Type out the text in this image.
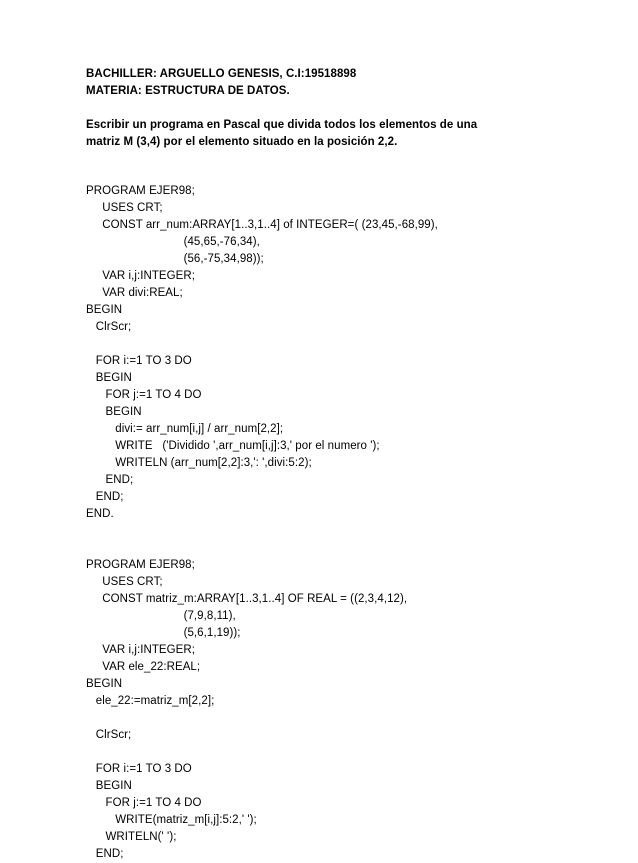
BACHILLER: ARGUELLO GENESIS, C.I:19518898
MATERIA: ESTRUCTURA DE DATOS.
Escribir un programa en Pascal que divida todos los elementos de una
matriz M (3,4) por el elemento situado en la posición 2,2.
PROGRAM EJER98;
USES CRT;
CONST arr_num:ARRAY[1..3,1..4] of INTEGER=( (23,45,-68,99),
(45,65,-76,34),
(56,-75,34,98));
VAR i,j:INTEGER;
VAR divi:REAL;
BEGIN
ClrScr;
FOR i:=1 TO 3 DO
BEGIN
FOR j:=1 TO 4 DO
BEGIN
divi:= arr_num[i,j] / arr_num[2,2];
WRITE   ('Dividido ',arr_num[i,j]:3,' por el numero ');
WRITELN (arr_num[2,2]:3,': ',divi:5:2);
END;
END;
END.
PROGRAM EJER98;
USES CRT;
CONST matriz_m:ARRAY[1..3,1..4] OF REAL = ((2,3,4,12),
(7,9,8,11),
(5,6,1,19));
VAR i,j:INTEGER;
VAR ele_22:REAL;
BEGIN
ele_22:=matriz_m[2,2];
ClrScr;
FOR i:=1 TO 3 DO
BEGIN
FOR j:=1 TO 4 DO
WRITE(matriz_m[i,j]:5:2,' ');
WRITELN(' ');
END;
